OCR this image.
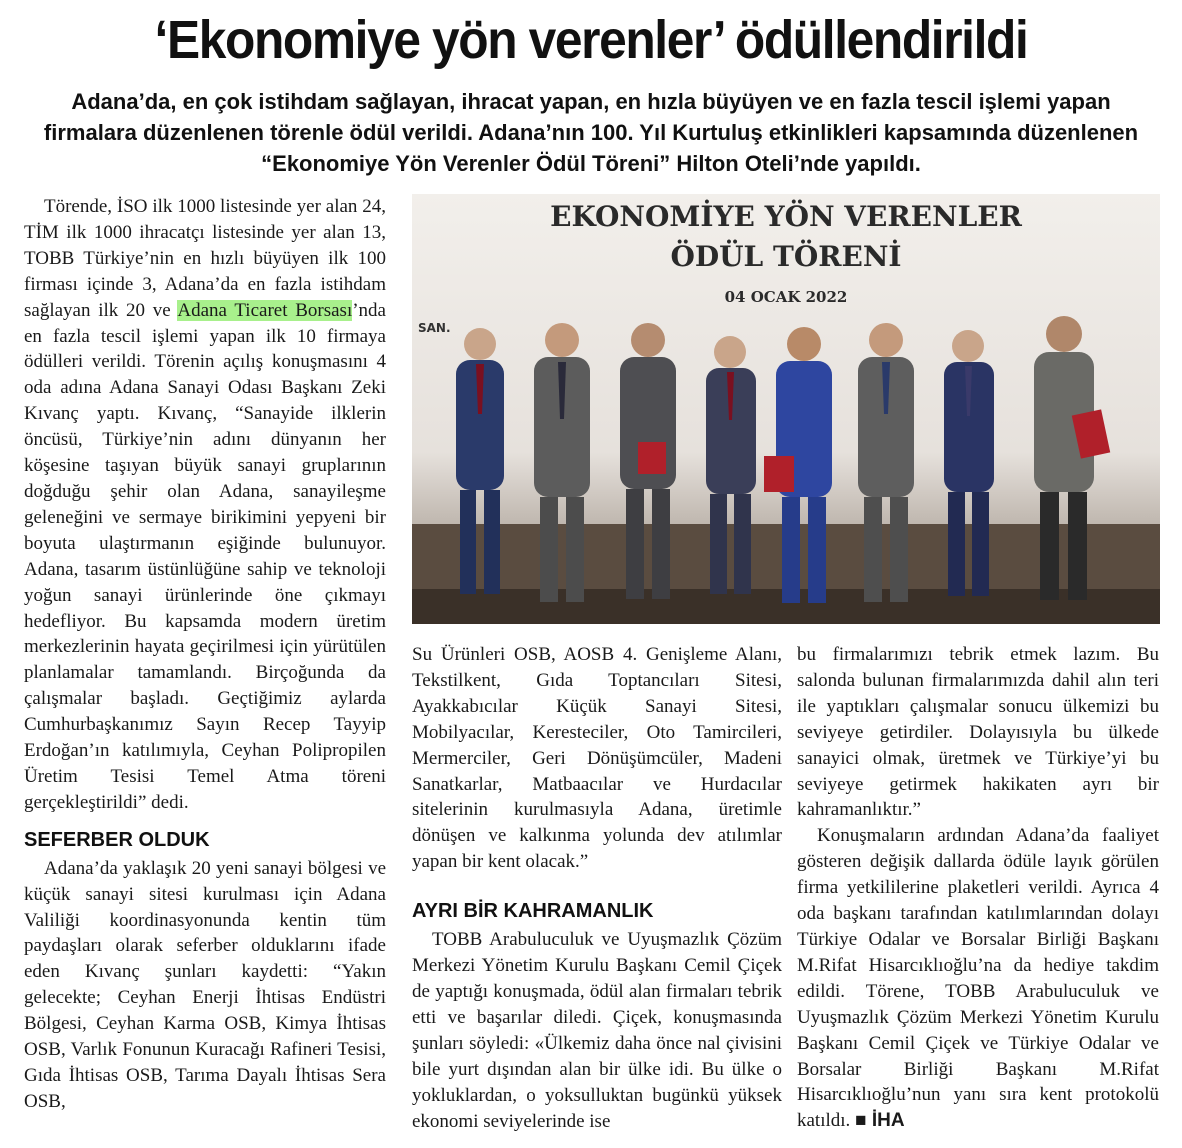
‘Ekonomiye yön verenler’ ödüllendirildi
Adana’da, en çok istihdam sağlayan, ihracat yapan, en hızla büyüyen ve en fazla tescil işlemi yapan firmalara düzenlenen törenle ödül verildi. Adana’nın 100. Yıl Kurtuluş etkinlikleri kapsamında düzenlenen “Ekonomiye Yön Verenler Ödül Töreni” Hilton Oteli’nde yapıldı.

Törende, İSO ilk 1000 listesinde yer alan 24, TİM ilk 1000 ihracatçı listesinde yer alan 13, TOBB Türkiye’nin en hızlı büyüyen ilk 100 firması içinde 3, Adana’da en fazla istihdam sağlayan ilk 20 ve Adana Ticaret Borsası’nda en fazla tescil işlemi yapan ilk 10 firmaya ödülleri verildi. Törenin açılış konuşmasını 4 oda adına Adana Sanayi Odası Başkanı Zeki Kıvanç yaptı. Kıvanç, “Sanayide ilklerin öncüsü, Türkiye’nin adını dünyanın her köşesine taşıyan büyük sanayi gruplarının doğduğu şehir olan Adana, sanayileşme geleneğini ve sermaye birikimini yepyeni bir boyuta ulaştırmanın eşiğinde bulunuyor. Adana, tasarım üstünlüğüne sahip ve teknoloji yoğun sanayi ürünlerinde öne çıkmayı hedefliyor. Bu kapsamda modern üretim merkezlerinin hayata geçirilmesi için yürütülen planlamalar tamamlandı. Birçoğunda da çalışmalar başladı. Geçtiğimiz aylarda Cumhurbaşkanımız Sayın Recep Tayyip Erdoğan’ın katılımıyla, Ceyhan Polipropilen Üretim Tesisi Temel Atma töreni gerçekleştirildi” dedi.

SEFERBER OLDUK

Adana’da yaklaşık 20 yeni sanayi bölgesi ve küçük sanayi sitesi kurulması için Adana Valiliği koordinasyonunda kentin tüm paydaşları olarak seferber olduklarını ifade eden Kıvanç şunları kaydetti: “Yakın gelecekte; Ceyhan Enerji İhtisas Endüstri Bölgesi, Ceyhan Karma OSB, Kimya İhtisas OSB, Varlık Fonunun Kuracağı Rafineri Tesisi, Gıda İhtisas OSB, Tarıma Dayalı İhtisas Sera OSB,

EKONOMİYE YÖN VERENLER
ÖDÜL TÖRENİ
04 OCAK 2022
SAN.

Su Ürünleri OSB, AOSB 4. Genişleme Alanı, Tekstilkent, Gıda Toptancıları Sitesi, Ayakkabıcılar Küçük Sanayi Sitesi, Mobilyacılar, Keresteciler, Oto Tamircileri, Mermerciler, Geri Dönüşümcüler, Madeni Sanatkarlar, Matbaacılar ve Hurdacılar sitelerinin kurulmasıyla Adana, üretimle dönüşen ve kalkınma yolunda dev atılımlar yapan bir kent olacak.”

AYRI BİR KAHRAMANLIK

TOBB Arabuluculuk ve Uyuşmazlık Çözüm Merkezi Yönetim Kurulu Başkanı Cemil Çiçek de yaptığı konuşmada, ödül alan firmaları tebrik etti ve başarılar diledi. Çiçek, konuşmasında şunları söyledi: «Ülkemiz daha önce nal çivisini bile yurt dışından alan bir ülke idi. Bu ülke o yokluklardan, o yoksulluktan bugünkü yüksek ekonomi seviyelerinde ise

bu firmalarımızı tebrik etmek lazım. Bu salonda bulunan firmalarımızda dahil alın teri ile yaptıkları çalışmalar sonucu ülkemizi bu seviyeye getirdiler. Dolayısıyla bu ülkede sanayici olmak, üretmek ve Türkiye’yi bu seviyeye getirmek hakikaten ayrı bir kahramanlıktır.”

Konuşmaların ardından Adana’da faaliyet gösteren değişik dallarda ödüle layık görülen firma yetkililerine plaketleri verildi. Ayrıca 4 oda başkanı tarafından katılımlarından dolayı Türkiye Odalar ve Borsalar Birliği Başkanı M.Rifat Hisarcıklıoğlu’na da hediye takdim edildi. Törene, TOBB Arabuluculuk ve Uyuşmazlık Çözüm Merkezi Yönetim Kurulu Başkanı Cemil Çiçek ve Türkiye Odalar ve Borsalar Birliği Başkanı M.Rifat Hisarcıklıoğlu’nun yanı sıra kent protokolü katıldı. ■ İHA
